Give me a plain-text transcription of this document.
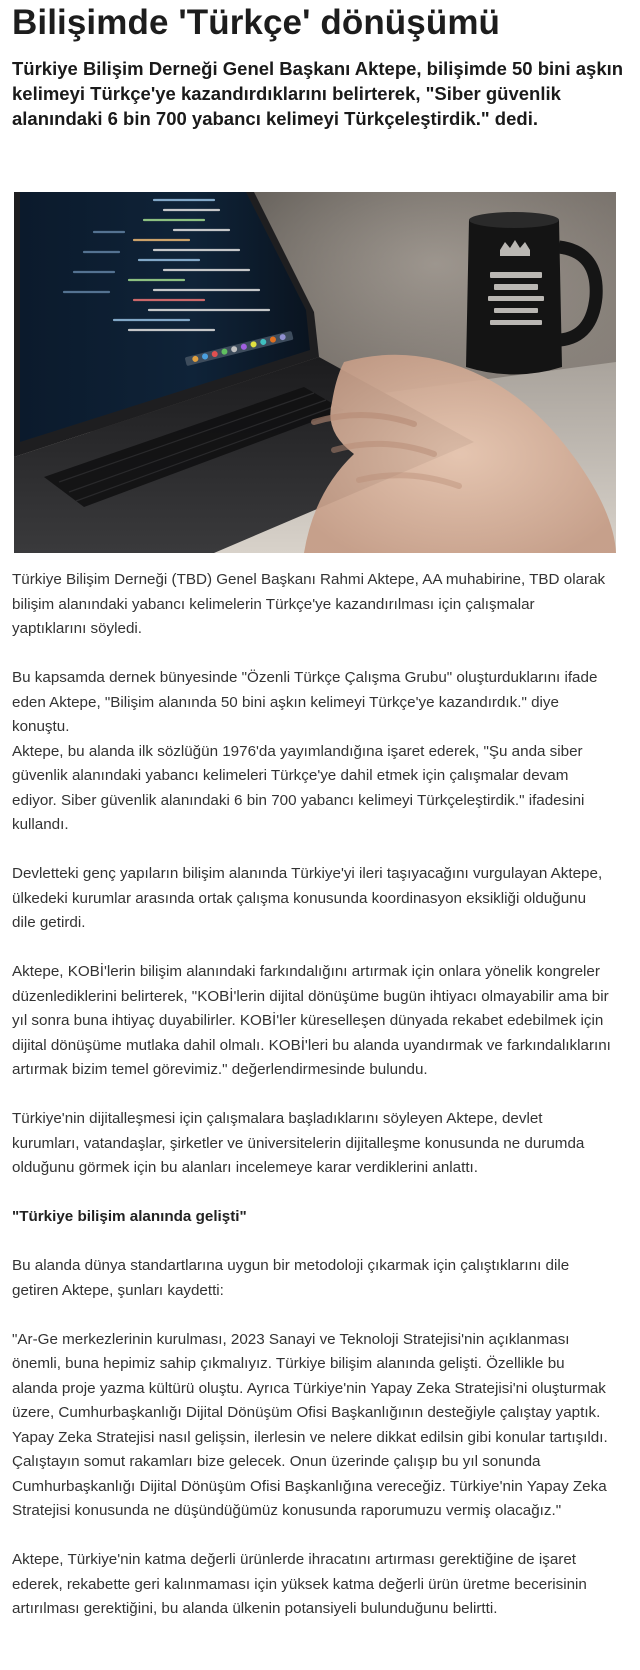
Bilişimde 'Türkçe' dönüşümü

Türkiye Bilişim Derneği Genel Başkanı Aktepe, bilişimde 50 bini aşkın kelimeyi Türkçe'ye kazandırdıklarını belirterek, "Siber güvenlik alanındaki 6 bin 700 yabancı kelimeyi Türkçeleştirdik." dedi.

Türkiye Bilişim Derneği (TBD) Genel Başkanı Rahmi Aktepe, AA muhabirine, TBD olarak bilişim alanındaki yabancı kelimelerin Türkçe'ye kazandırılması için çalışmalar yaptıklarını söyledi.

Bu kapsamda dernek bünyesinde "Özenli Türkçe Çalışma Grubu" oluşturduklarını ifade eden Aktepe, "Bilişim alanında 50 bini aşkın kelimeyi Türkçe'ye kazandırdık." diye konuştu.

Aktepe, bu alanda ilk sözlüğün 1976'da yayımlandığına işaret ederek, "Şu anda siber güvenlik alanındaki yabancı kelimeleri Türkçe'ye dahil etmek için çalışmalar devam ediyor. Siber güvenlik alanındaki 6 bin 700 yabancı kelimeyi Türkçeleştirdik." ifadesini kullandı.

Devletteki genç yapıların bilişim alanında Türkiye'yi ileri taşıyacağını vurgulayan Aktepe, ülkedeki kurumlar arasında ortak çalışma konusunda koordinasyon eksikliği olduğunu dile getirdi.

Aktepe, KOBİ'lerin bilişim alanındaki farkındalığını artırmak için onlara yönelik kongreler düzenlediklerini belirterek, "KOBİ'lerin dijital dönüşüme bugün ihtiyacı olmayabilir ama bir yıl sonra buna ihtiyaç duyabilirler. KOBİ'ler küreselleşen dünyada rekabet edebilmek için dijital dönüşüme mutlaka dahil olmalı. KOBİ'leri bu alanda uyandırmak ve farkındalıklarını artırmak bizim temel görevimiz." değerlendirmesinde bulundu.

Türkiye'nin dijitalleşmesi için çalışmalara başladıklarını söyleyen Aktepe, devlet kurumları, vatandaşlar, şirketler ve üniversitelerin dijitalleşme konusunda ne durumda olduğunu görmek için bu alanları incelemeye karar verdiklerini anlattı.

"Türkiye bilişim alanında gelişti"

Bu alanda dünya standartlarına uygun bir metodoloji çıkarmak için çalıştıklarını dile getiren Aktepe, şunları kaydetti:

"Ar-Ge merkezlerinin kurulması, 2023 Sanayi ve Teknoloji Stratejisi'nin açıklanması önemli, buna hepimiz sahip çıkmalıyız. Türkiye bilişim alanında gelişti. Özellikle bu alanda proje yazma kültürü oluştu. Ayrıca Türkiye'nin Yapay Zeka Stratejisi'ni oluşturmak üzere, Cumhurbaşkanlığı Dijital Dönüşüm Ofisi Başkanlığının desteğiyle çalıştay yaptık. Yapay Zeka Stratejisi nasıl gelişsin, ilerlesin ve nelere dikkat edilsin gibi konular tartışıldı. Çalıştayın somut rakamları bize gelecek. Onun üzerinde çalışıp bu yıl sonunda Cumhurbaşkanlığı Dijital Dönüşüm Ofisi Başkanlığına vereceğiz. Türkiye'nin Yapay Zeka Stratejisi konusunda ne düşündüğümüz konusunda raporumuzu vermiş olacağız."

Aktepe, Türkiye'nin katma değerli ürünlerde ihracatını artırması gerektiğine de işaret ederek, rekabette geri kalınmaması için yüksek katma değerli ürün üretme becerisinin artırılması gerektiğini, bu alanda ülkenin potansiyeli bulunduğunu belirtti.
